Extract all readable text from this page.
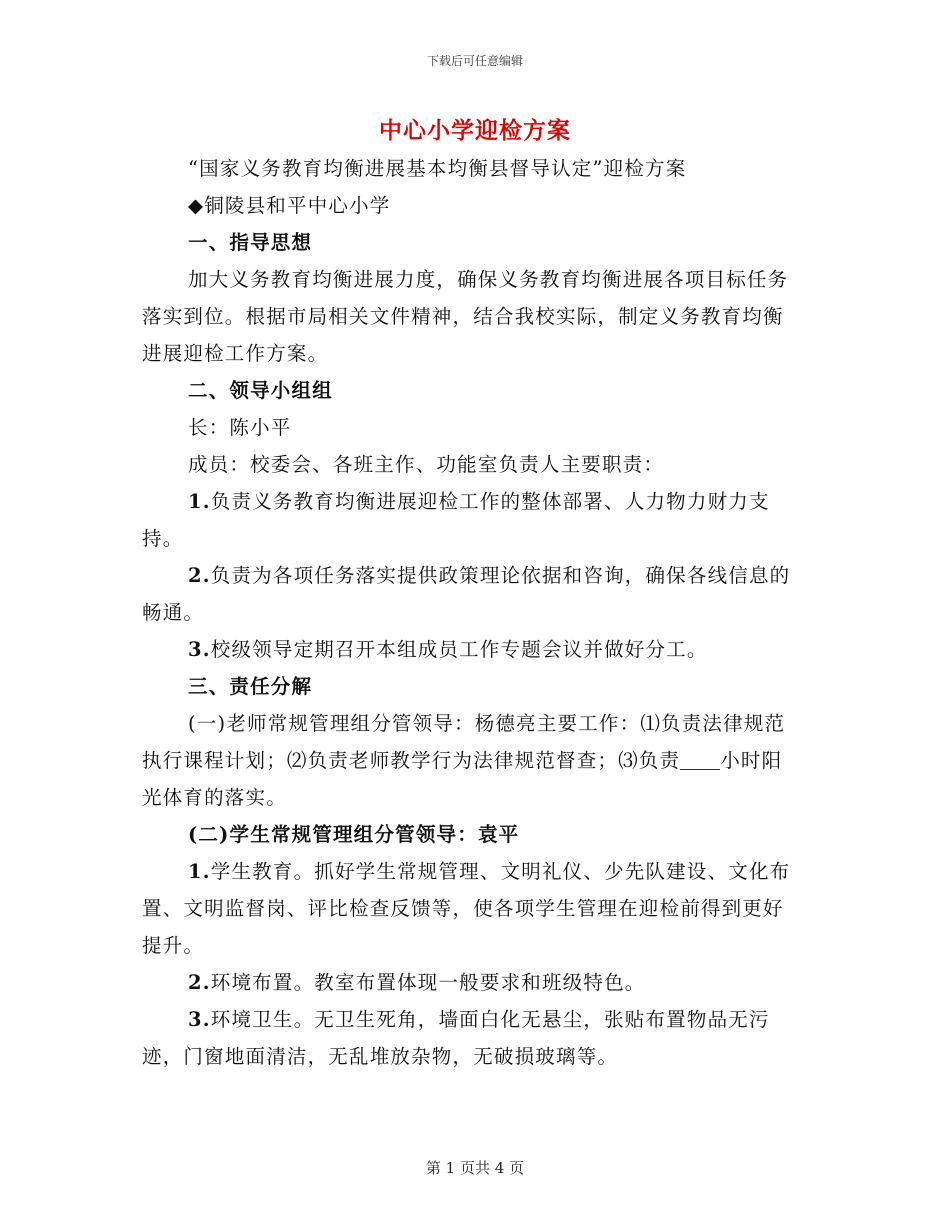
下载后可任意编辑
中心小学迎检方案

“国家义务教育均衡进展基本均衡县督导认定”迎检方案

◆铜陵县和平中心小学

一、指导思想

加大义务教育均衡进展力度，确保义务教育均衡进展各项目标任务落实到位。根据市局相关文件精神，结合我校实际，制定义务教育均衡进展迎检工作方案。

二、领导小组组

长：陈小平

成员：校委会、各班主作、功能室负责人主要职责：

1.负责义务教育均衡进展迎检工作的整体部署、人力物力财力支持。

2.负责为各项任务落实提供政策理论依据和咨询，确保各线信息的畅通。

3.校级领导定期召开本组成员工作专题会议并做好分工。

三、责任分解

(一)老师常规管理组分管领导：杨德亮主要工作：⑴负责法律规范执行课程计划；⑵负责老师教学行为法律规范督查；⑶负责 小时阳光体育的落实。

(二)学生常规管理组分管领导：袁平

1.学生教育。抓好学生常规管理、文明礼仪、少先队建设、文化布置、文明监督岗、评比检查反馈等，使各项学生管理在迎检前得到更好提升。

2.环境布置。教室布置体现一般要求和班级特色。

3.环境卫生。无卫生死角，墙面白化无悬尘，张贴布置物品无污迹，门窗地面清洁，无乱堆放杂物，无破损玻璃等。

第 1 页共 4 页
